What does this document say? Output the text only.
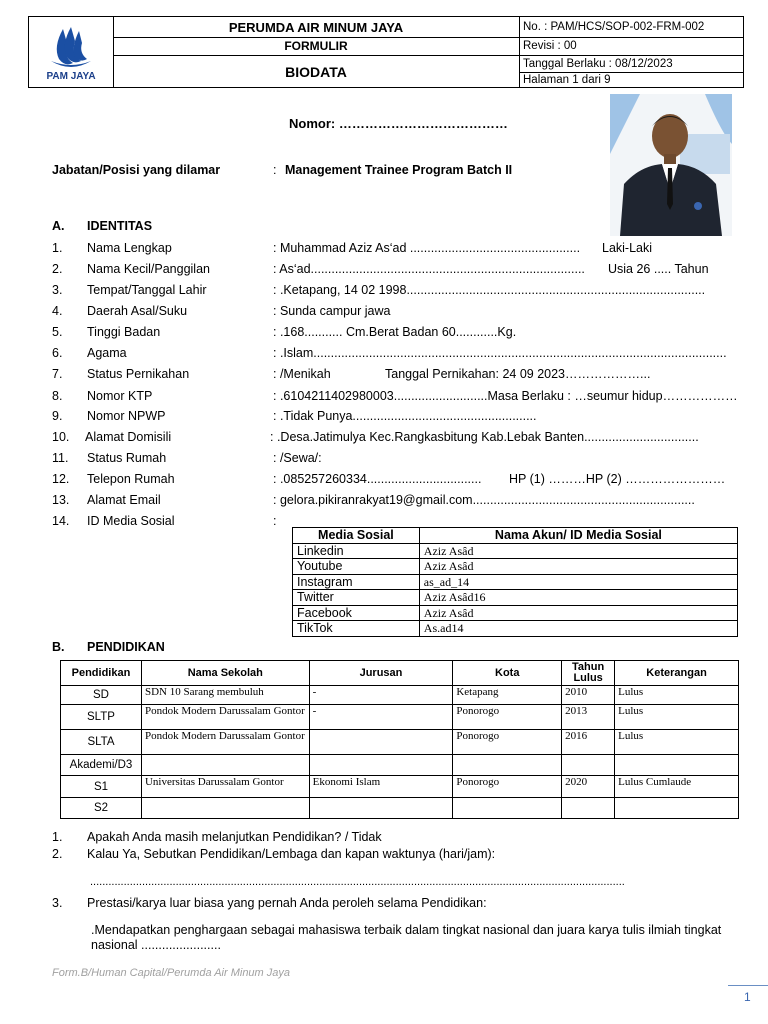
PAM JAYA
PERUMDA AIR MINUM JAYA
FORMULIR
BIODATA
No. : PAM/HCS/SOP-002-FRM-002
Revisi : 00
Tanggal Berlaku : 08/12/2023
Halaman 1 dari 9
Nomor: …………………………………
Jabatan/Posisi yang dilamar	: Management Trainee Program Batch II
A. IDENTITAS
1. Nama Lengkap	: Muhammad Aziz As‘ad ................................................. Laki-Laki
2. Nama Kecil/Panggilan	: As‘ad............................................................................... Usia 26 ..... Tahun
3. Tempat/Tanggal Lahir	: .Ketapang, 14 02 1998......................................................................................
4. Daerah Asal/Suku	: Sunda campur jawa
5. Tinggi Badan	: .168........... Cm.Berat Badan 60............Kg.
6. Agama	: .Islam.......................................................................................................................
7. Status Pernikahan	: /Menikah	Tanggal Pernikahan: 24 09 2023………………...
8. Nomor KTP	: .6104211402980003...........................Masa Berlaku : …seumur hidup………………
9. Nomor NPWP	: .Tidak Punya.....................................................
10. Alamat Domisili	: .Desa.Jatimulya Kec.Rangkasbitung Kab.Lebak Banten.................................
11. Status Rumah	: /Sewa/:
12. Telepon Rumah	: .085257260334................................. HP (1) ………HP (2) ……………………
13. Alamat Email	: gelora.pikiranrakyat19@gmail.com................................................................
14. ID Media Sosial	:
Media Sosial	Nama Akun/ ID Media Sosial
Linkedin	Aziz Asȃd
Youtube	Aziz Asȃd
Instagram	as_ad_14
Twitter	Aziz Asȃd16
Facebook	Aziz Asȃd
TikTok	As.ad14
B. PENDIDIKAN
Pendidikan	Nama Sekolah	Jurusan	Kota	Tahun Lulus	Keterangan
SD	SDN 10 Sarang membuluh	-	Ketapang	2010	Lulus
SLTP	Pondok Modern Darussalam Gontor	-	Ponorogo	2013	Lulus
SLTA	Pondok Modern Darussalam Gontor		Ponorogo	2016	Lulus
Akademi/D3					
S1	Universitas Darussalam Gontor	Ekonomi Islam	Ponorogo	2020	Lulus Cumlaude
S2					
1. Apakah Anda masih melanjutkan Pendidikan? / Tidak
2. Kalau Ya, Sebutkan Pendidikan/Lembaga dan kapan waktunya (hari/jam):
...............................................................................................................................................................................
3. Prestasi/karya luar biasa yang pernah Anda peroleh selama Pendidikan:
.Mendapatkan penghargaan sebagai mahasiswa terbaik dalam tingkat nasional dan juara karya tulis ilmiah tingkat nasional .......................
Form.B/Human Capital/Perumda Air Minum Jaya
1
